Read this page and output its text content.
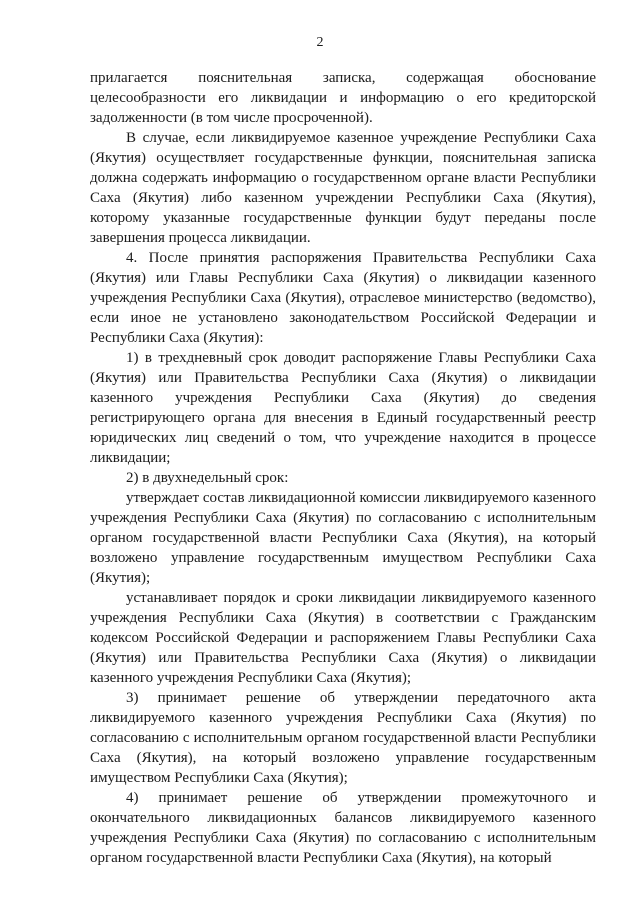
2

прилагается пояснительная записка, содержащая обоснование целесообразности его ликвидации и информацию о его кредиторской задолженности (в том числе просроченной).

В случае, если ликвидируемое казенное учреждение Республики Саха (Якутия) осуществляет государственные функции, пояснительная записка должна содержать информацию о государственном органе власти Республики Саха (Якутия) либо казенном учреждении Республики Саха (Якутия), которому указанные государственные функции будут переданы после завершения процесса ликвидации.

4. После принятия распоряжения Правительства Республики Саха (Якутия) или Главы Республики Саха (Якутия) о ликвидации казенного учреждения Республики Саха (Якутия), отраслевое министерство (ведомство), если иное не установлено законодательством Российской Федерации и Республики Саха (Якутия):

1) в трехдневный срок доводит распоряжение Главы Республики Саха (Якутия) или Правительства Республики Саха (Якутия) о ликвидации казенного учреждения Республики Саха (Якутия) до сведения регистрирующего органа для внесения в Единый государственный реестр юридических лиц сведений о том, что учреждение находится в процессе ликвидации;

2) в двухнедельный срок:

утверждает состав ликвидационной комиссии ликвидируемого казенного учреждения Республики Саха (Якутия) по согласованию с исполнительным органом государственной власти Республики Саха (Якутия), на который возложено управление государственным имуществом Республики Саха (Якутия);

устанавливает порядок и сроки ликвидации ликвидируемого казенного учреждения Республики Саха (Якутия) в соответствии с Гражданским кодексом Российской Федерации и распоряжением Главы Республики Саха (Якутия) или Правительства Республики Саха (Якутия) о ликвидации казенного учреждения Республики Саха (Якутия);

3) принимает решение об утверждении передаточного акта ликвидируемого казенного учреждения Республики Саха (Якутия) по согласованию с исполнительным органом государственной власти Республики Саха (Якутия), на который возложено управление государственным имуществом Республики Саха (Якутия);

4) принимает решение об утверждении промежуточного и окончательного ликвидационных балансов ликвидируемого казенного учреждения Республики Саха (Якутия) по согласованию с исполнительным органом государственной власти Республики Саха (Якутия), на который
